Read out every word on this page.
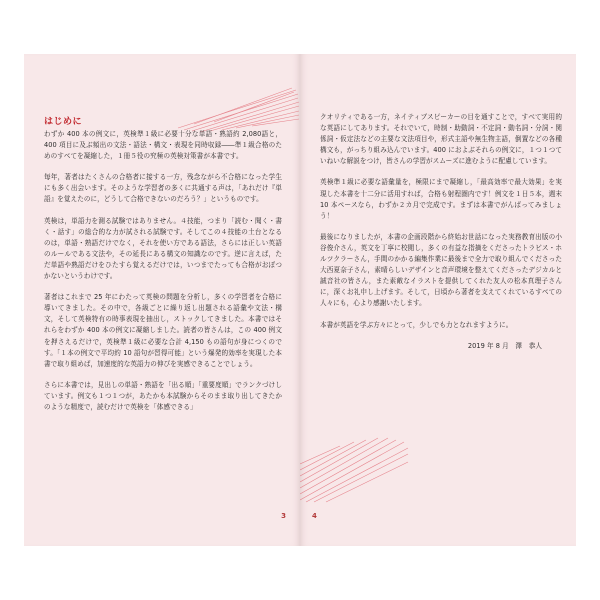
はじめに

わずか 400 本の例文に，英検準１級に必要十分な単語・熟語約 2,080語と，400 項目に及ぶ頻出の文法・語法・構文・表現を同時収録――準１級合格のためのすべてを凝縮した，１冊５役の究極の英検対策書が本書です。

毎年，著者はたくさんの合格者に接する一方，残念ながら不合格になった学生にも多く出会います。そのような学習者の多くに共通する声は，「あれだけ『単語』を覚えたのに，どうして合格できないのだろう？」というものです。

英検は，単語力を測る試験ではありません。４技能，つまり「読む・聞く・書く・話す」の総合的な力が試される試験です。そしてこの４技能の土台となるのは，単語・熟語だけでなく，それを使い方である語法，さらには正しい英語のルールである文法や，その延長にある構文の知識なのです。逆に言えば，ただ単語や熟語だけをひたすら覚えるだけでは，いつまでたっても合格がおぼつかないというわけです。

著者はこれまで 25 年にわたって英検の問題を分析し，多くの学習者を合格に導いてきました。その中で，各級ごとに繰り返し出題される語彙や文法・構文，そして英検特有の時事表現を抽出し，ストックしてきました。本書ではそれらをわずか 400 本の例文に凝縮しました。読者の皆さんは，この 400 例文を押さえるだけで，英検準１級に必要な合計 4,150 もの語句が身につくのです。「１本の例文で平均約 10 語句が習得可能」という爆発的効率を実現した本書で取り組めば，加速度的な英語力の伸びを実感できることでしょう。

さらに本書では，見出しの単語・熟語を「出る順」「重要度順」でランクづけしています。例文も１つ１つが，あたかも本試験からそのまま取り出してきたかのような精度で，読むだけで英検を「体感できる」

3

クオリティである一方，ネイティブスピーカーの目を通すことで，すべて実用的な英語にしてあります。それでいて，時制・助動詞・不定詞・動名詞・分詞・関係詞・仮定法などの主要な文法項目や，形式主語や無生物主語，倒置などの各種構文も，がっちり組み込んでいます。400 におよぶそれらの例文に，１つ１つていねいな解説をつけ，皆さんの学習がスムーズに進むように配慮しています。

英検準１級に必要な語彙量を，極限にまで凝縮し，「最高効率で最大効果」を実現した本書を十二分に活用すれば，合格も射程圏内です！例文を１日５本，週末 10 本ペースなら，わずか２カ月で完成です。まずは本書でがんばってみましょう！

最後になりましたが，本書の企画段階から終始お世話になった実務教育出版の小谷俊介さん，英文を丁寧に校閲し，多くの有益な指摘をくださったトラビス・ホルツクラーさん，手間のかかる編集作業に最後まで全力で取り組んでくださった大西夏奈子さん，素晴らしいデザインと音声環境を整えてくださったデジカルと誠音社の皆さん，また素敵なイラストを提供してくれた友人の松本真理子さんに，深くお礼申し上げます。そして，日頃から著者を支えてくれているすべての人々にも，心より感謝いたします。

本書が英語を学ぶ方々にとって，少しでも力となれますように。

2019 年 8 月　澤　恭人
4
